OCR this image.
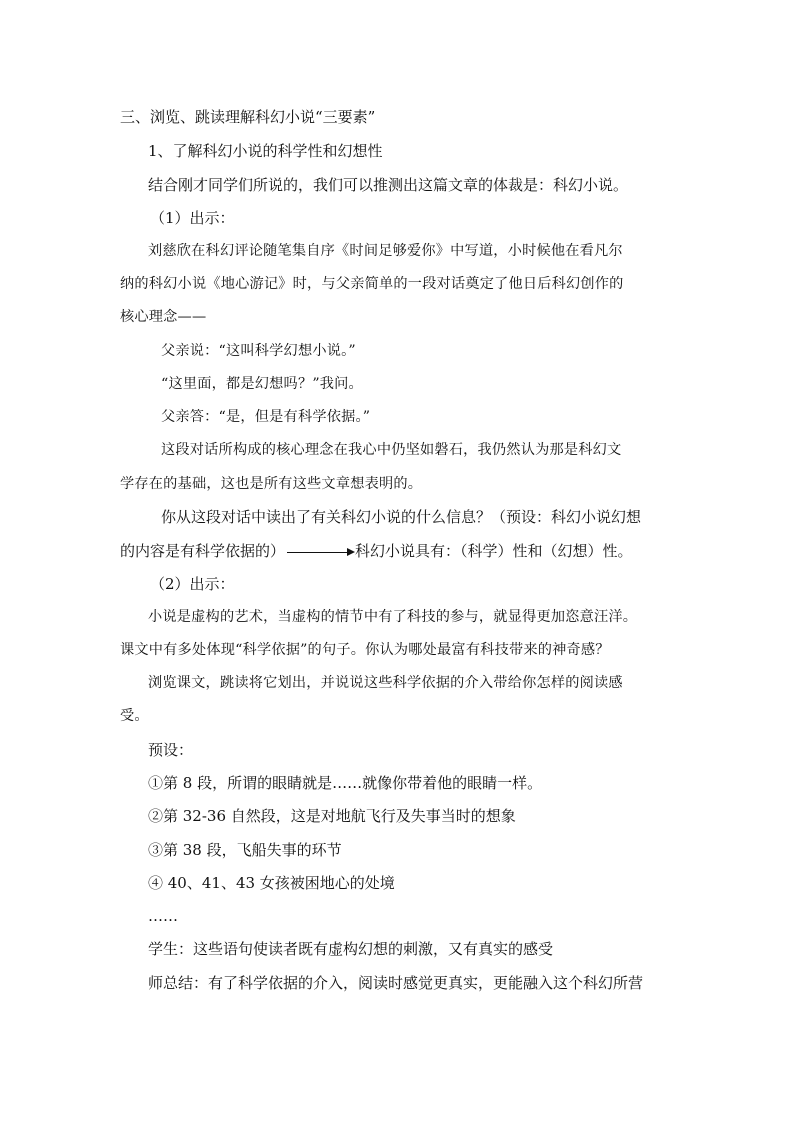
三、浏览、跳读理解科幻小说“三要素”
1、了解科幻小说的科学性和幻想性
结合刚才同学们所说的，我们可以推测出这篇文章的体裁是：科幻小说。
（1）出示：
刘慈欣在科幻评论随笔集自序《时间足够爱你》中写道，小时候他在看凡尔
纳的科幻小说《地心游记》时，与父亲简单的一段对话奠定了他日后科幻创作的
核心理念——
父亲说：“这叫科学幻想小说。”
“这里面，都是幻想吗？”我问。
父亲答：“是，但是有科学依据。”
这段对话所构成的核心理念在我心中仍坚如磐石，我仍然认为那是科幻文
学存在的基础，这也是所有这些文章想表明的。
你从这段对话中读出了有关科幻小说的什么信息？（预设：科幻小说幻想
的内容是有科学依据的）	科幻小说具有：（科学）性和（幻想）性。
（2）出示：
小说是虚构的艺术，当虚构的情节中有了科技的参与，就显得更加恣意汪洋。
课文中有多处体现“科学依据”的句子。你认为哪处最富有科技带来的神奇感？
浏览课文，跳读将它划出，并说说这些科学依据的介入带给你怎样的阅读感
受。
预设：
①第 8 段，所谓的眼睛就是……就像你带着他的眼睛一样。
②第 32-36 自然段，这是对地航飞行及失事当时的想象
③第 38 段，飞船失事的环节
④ 40、41、43 女孩被困地心的处境
……
学生：这些语句使读者既有虚构幻想的刺激，又有真实的感受
师总结：有了科学依据的介入，阅读时感觉更真实，更能融入这个科幻所营
